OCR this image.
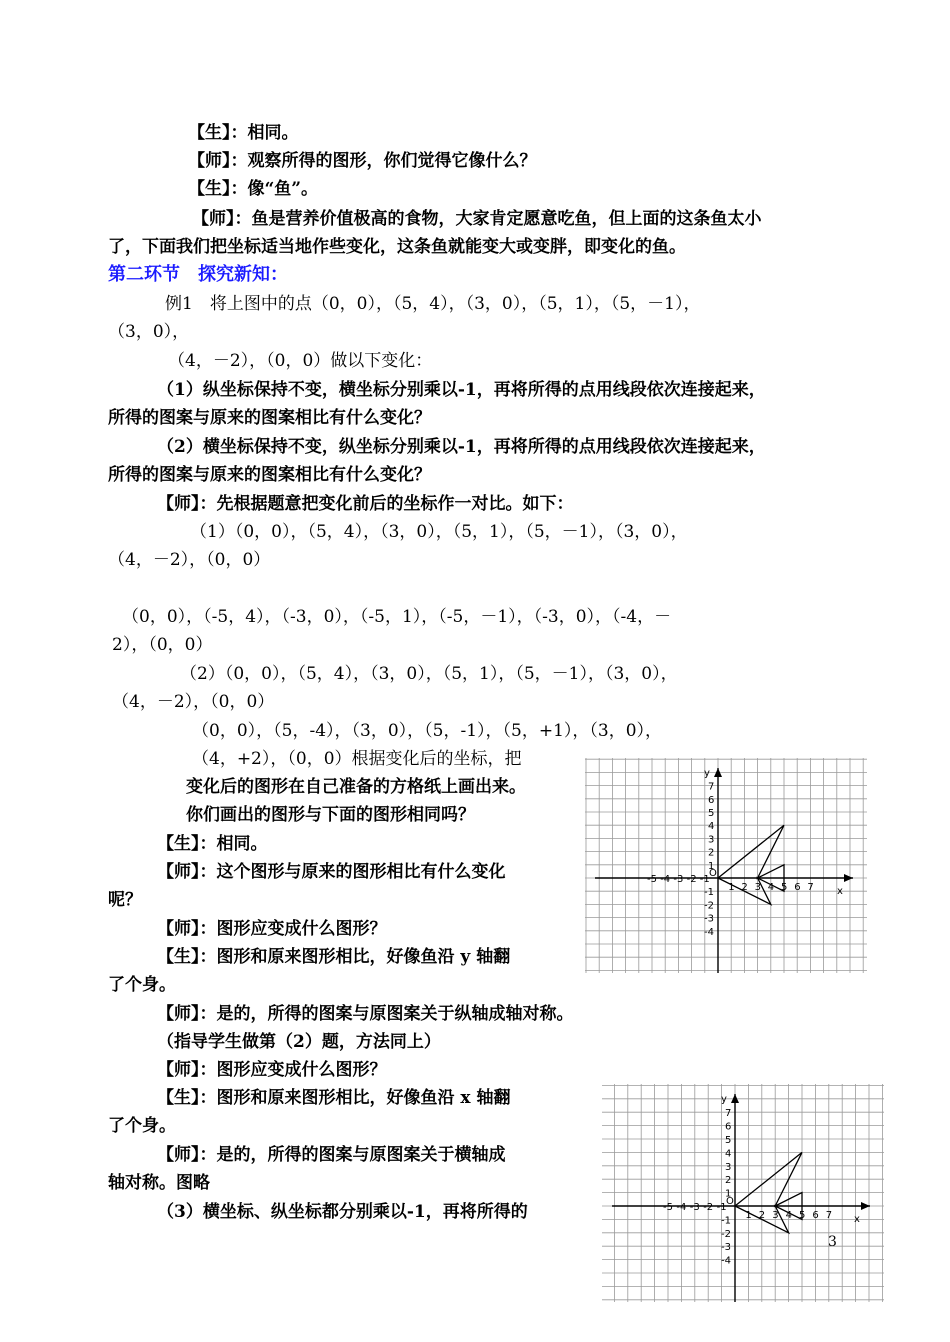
【生】：相同。
【师】：观察所得的图形，你们觉得它像什么？
【生】：像“鱼”。
【师】：鱼是营养价值极高的食物，大家肯定愿意吃鱼，但上面的这条鱼太小
了，下面我们把坐标适当地作些变化，这条鱼就能变大或变胖，即变化的鱼。
第二环节　探究新知：
例1　将上图中的点（0，0），（5，4），（3，0），（5，1），（5，－1），
（3，0），
（4，－2），（0，0）做以下变化：
（1）纵坐标保持不变，横坐标分别乘以-1，再将所得的点用线段依次连接起来，
所得的图案与原来的图案相比有什么变化？
（2）横坐标保持不变，纵坐标分别乘以-1，再将所得的点用线段依次连接起来，
所得的图案与原来的图案相比有什么变化？
【师】：先根据题意把变化前后的坐标作一对比。如下：
（1）（0，0），（5，4），（3，0），（5，1），（5，－1），（3，0），
（4，－2），（0，0）
（0，0），（-5，4），（-3，0），（-5，1），（-5，－1），（-3，0），（-4，－
2），（0，0）
（2）（0，0），（5，4），（3，0），（5，1），（5，－1），（3，0），
（4，－2），（0，0）
（0，0），（5，-4），（3，0），（5，-1），（5，+1），（3，0），
（4，+2），（0，0）根据变化后的坐标，把
变化后的图形在自己准备的方格纸上画出来。
你们画出的图形与下面的图形相同吗？
【生】：相同。
【师】：这个图形与原来的图形相比有什么变化
呢？
【师】：图形应变成什么图形？
【生】：图形和原来图形相比，好像鱼沿 y 轴翻
了个身。
【师】：是的，所得的图案与原图案关于纵轴成轴对称。
（指导学生做第（2）题，方法同上）
【师】：图形应变成什么图形？
【生】：图形和原来图形相比，好像鱼沿 x 轴翻
了个身。
【师】：是的，所得的图案与原图案关于横轴成
轴对称。图略
（3）横坐标、纵坐标都分别乘以-1，再将所得的
x
y
O
1
1
2
2
3
3
4
4
5
5
6
6
7
7
-5 -4 -3 -2 -1
-1
-2
-3
-4
x
y
O
1
1
2
2
3
3
4
4
5
5
6
6
7
7
-5 -4 -3 -2 -1
-1
-2
-3
-4
3
